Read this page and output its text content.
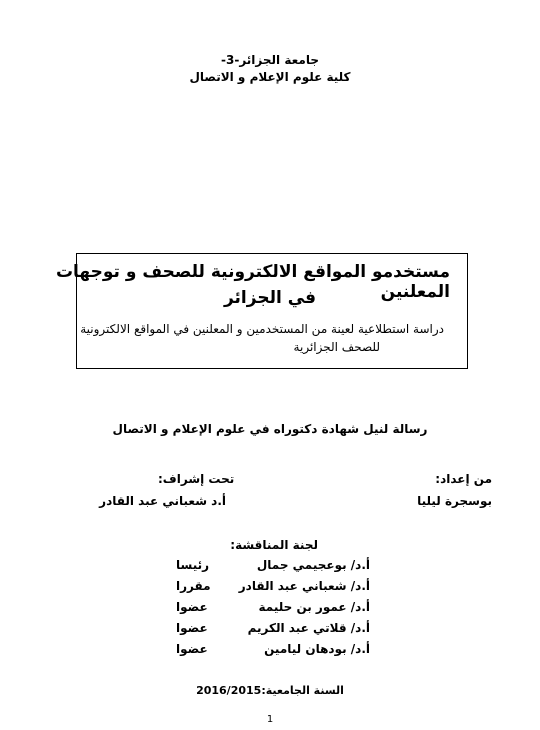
جامعة الجزائر-3-
كلية علوم الإعلام و الاتصال
مستخدمو المواقع الالكترونية للصحف و توجهات المعلنين
في الجزائر
دراسة استطلاعية لعينة من المستخدمين و المعلنين في المواقع الالكترونية
للصحف الجزائرية
رسالة لنيل شهادة دكتوراه في علوم الإعلام و الاتصال
من إعداد:
بوسجرة ليليا
تحت إشراف:
أ.د شعباني عبد القادر
لجنة المناقشة:
أ.د/ بوعجيمي جمال
رئيسا
أ.د/ شعباني عبد القادر
مقررا
أ.د/ عمور بن حليمة
عضوا
أ.د/ قلاتي عبد الكريم
عضوا
أ.د/ بودهان ليامين
عضوا
السنة الجامعية:2016/2015
1
